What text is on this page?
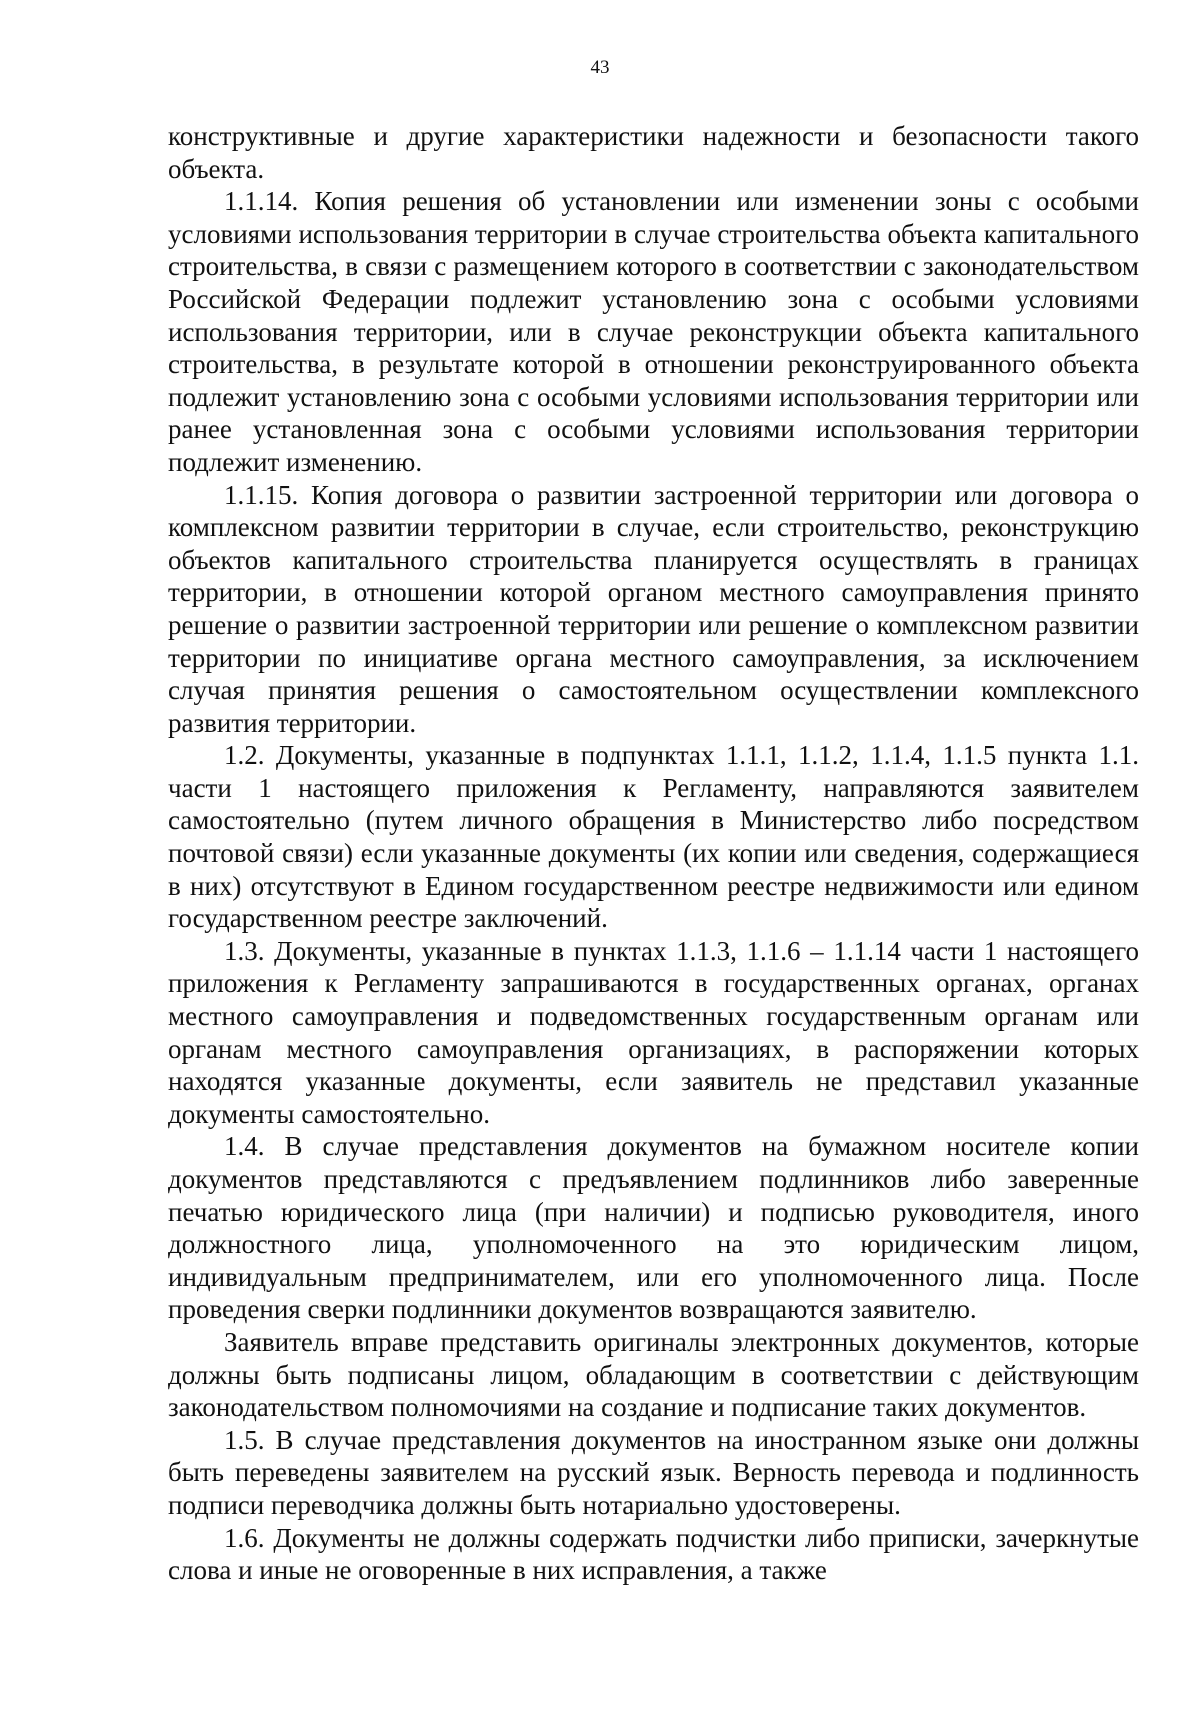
43

конструктивные и другие характеристики надежности и безопасности такого объекта.

1.1.14. Копия решения об установлении или изменении зоны с особыми условиями использования территории в случае строительства объекта капитального строительства, в связи с размещением которого в соответствии с законодательством Российской Федерации подлежит установлению зона с особыми условиями использования территории, или в случае реконструкции объекта капитального строительства, в результате которой в отношении реконструированного объекта подлежит установлению зона с особыми условиями использования территории или ранее установленная зона с особыми условиями использования территории подлежит изменению.

1.1.15. Копия договора о развитии застроенной территории или договора о комплексном развитии территории в случае, если строительство, реконструкцию объектов капитального строительства планируется осуществлять в границах территории, в отношении которой органом местного самоуправления принято решение о развитии застроенной территории или решение о комплексном развитии территории по инициативе органа местного самоуправления, за исключением случая принятия решения о самостоятельном осуществлении комплексного развития территории.

1.2. Документы, указанные в подпунктах 1.1.1, 1.1.2, 1.1.4, 1.1.5 пункта 1.1. части 1 настоящего приложения к Регламенту, направляются заявителем самостоятельно (путем личного обращения в Министерство либо посредством почтовой связи) если указанные документы (их копии или сведения, содержащиеся в них) отсутствуют в Едином государственном реестре недвижимости или едином государственном реестре заключений.

1.3. Документы, указанные в пунктах 1.1.3, 1.1.6 – 1.1.14 части 1 настоящего приложения к Регламенту запрашиваются в государственных органах, органах местного самоуправления и подведомственных государственным органам или органам местного самоуправления организациях, в распоряжении которых находятся указанные документы, если заявитель не представил указанные документы самостоятельно.

1.4. В случае представления документов на бумажном носителе копии документов представляются с предъявлением подлинников либо заверенные печатью юридического лица (при наличии) и подписью руководителя, иного должностного лица, уполномоченного на это юридическим лицом, индивидуальным предпринимателем, или его уполномоченного лица. После проведения сверки подлинники документов возвращаются заявителю.

Заявитель вправе представить оригиналы электронных документов, которые должны быть подписаны лицом, обладающим в соответствии с действующим законодательством полномочиями на создание и подписание таких документов.

1.5. В случае представления документов на иностранном языке они должны быть переведены заявителем на русский язык. Верность перевода и подлинность подписи переводчика должны быть нотариально удостоверены.

1.6. Документы не должны содержать подчистки либо приписки, зачеркнутые слова и иные не оговоренные в них исправления, а также
